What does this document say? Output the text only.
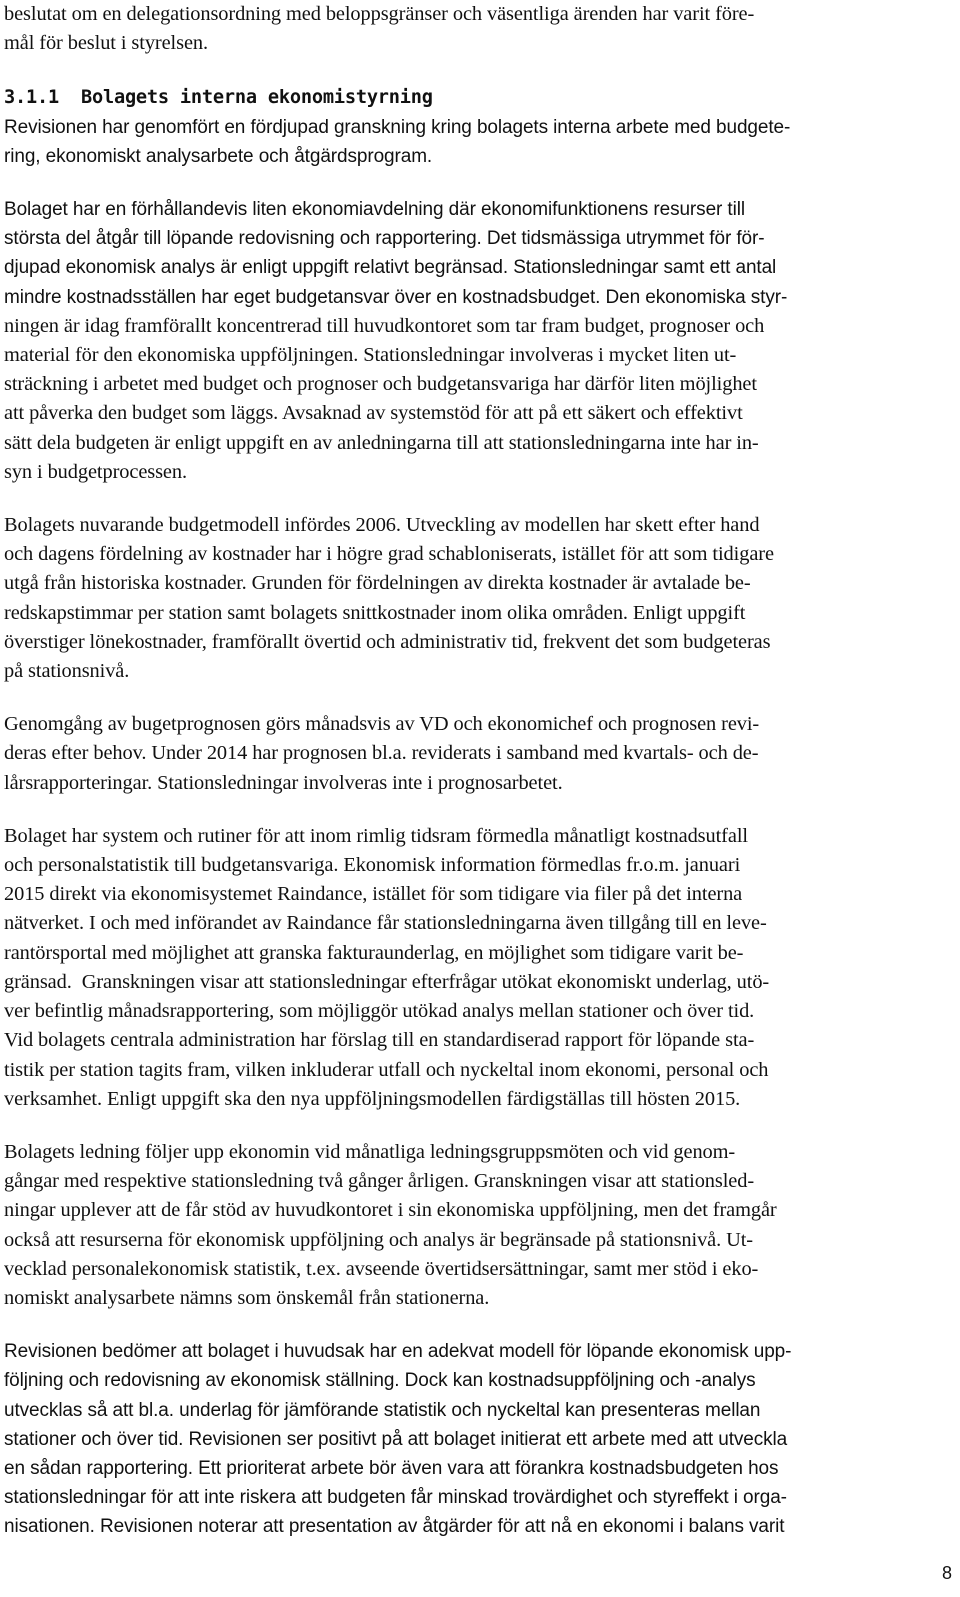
beslutat om en delegationsordning med beloppsgränser och väsentliga ärenden har varit före-
mål för beslut i styrelsen.
3.1.1  Bolagets interna ekonomistyrning
Revisionen har genomfört en fördjupad granskning kring bolagets interna arbete med budgete-
ring, ekonomiskt analysarbete och åtgärdsprogram.
Bolaget har en förhållandevis liten ekonomiavdelning där ekonomifunktionens resurser till
största del åtgår till löpande redovisning och rapportering. Det tidsmässiga utrymmet för för-
djupad ekonomisk analys är enligt uppgift relativt begränsad. Stationsledningar samt ett antal
mindre kostnadsställen har eget budgetansvar över en kostnadsbudget. Den ekonomiska styr-
ningen är idag framförallt koncentrerad till huvudkontoret som tar fram budget, prognoser och
material för den ekonomiska uppföljningen. Stationsledningar involveras i mycket liten ut-
sträckning i arbetet med budget och prognoser och budgetansvariga har därför liten möjlighet
att påverka den budget som läggs. Avsaknad av systemstöd för att på ett säkert och effektivt
sätt dela budgeten är enligt uppgift en av anledningarna till att stationsledningarna inte har in-
syn i budgetprocessen.
Bolagets nuvarande budgetmodell infördes 2006. Utveckling av modellen har skett efter hand
och dagens fördelning av kostnader har i högre grad schabloniserats, istället för att som tidigare
utgå från historiska kostnader. Grunden för fördelningen av direkta kostnader är avtalade be-
redskapstimmar per station samt bolagets snittkostnader inom olika områden. Enligt uppgift
överstiger lönekostnader, framförallt övertid och administrativ tid, frekvent det som budgeteras
på stationsnivå.
Genomgång av bugetprognosen görs månadsvis av VD och ekonomichef och prognosen revi-
deras efter behov. Under 2014 har prognosen bl.a. reviderats i samband med kvartals- och de-
lårsrapporteringar. Stationsledningar involveras inte i prognosarbetet.
Bolaget har system och rutiner för att inom rimlig tidsram förmedla månatligt kostnadsutfall
och personalstatistik till budgetansvariga. Ekonomisk information förmedlas fr.o.m. januari
2015 direkt via ekonomisystemet Raindance, istället för som tidigare via filer på det interna
nätverket. I och med införandet av Raindance får stationsledningarna även tillgång till en leve-
rantörsportal med möjlighet att granska fakturaunderlag, en möjlighet som tidigare varit be-
gränsad.  Granskningen visar att stationsledningar efterfrågar utökat ekonomiskt underlag, utö-
ver befintlig månadsrapportering, som möjliggör utökad analys mellan stationer och över tid.
Vid bolagets centrala administration har förslag till en standardiserad rapport för löpande sta-
tistik per station tagits fram, vilken inkluderar utfall och nyckeltal inom ekonomi, personal och
verksamhet. Enligt uppgift ska den nya uppföljningsmodellen färdigställas till hösten 2015.
Bolagets ledning följer upp ekonomin vid månatliga ledningsgruppsmöten och vid genom-
gångar med respektive stationsledning två gånger årligen. Granskningen visar att stationsled-
ningar upplever att de får stöd av huvudkontoret i sin ekonomiska uppföljning, men det framgår
också att resurserna för ekonomisk uppföljning och analys är begränsade på stationsnivå. Ut-
vecklad personalekonomisk statistik, t.ex. avseende övertidsersättningar, samt mer stöd i eko-
nomiskt analysarbete nämns som önskemål från stationerna.
Revisionen bedömer att bolaget i huvudsak har en adekvat modell för löpande ekonomisk upp-
följning och redovisning av ekonomisk ställning. Dock kan kostnadsuppföljning och -analys
utvecklas så att bl.a. underlag för jämförande statistik och nyckeltal kan presenteras mellan
stationer och över tid. Revisionen ser positivt på att bolaget initierat ett arbete med att utveckla
en sådan rapportering. Ett prioriterat arbete bör även vara att förankra kostnadsbudgeten hos
stationsledningar för att inte riskera att budgeten får minskad trovärdighet och styreffekt i orga-
nisationen. Revisionen noterar att presentation av åtgärder för att nå en ekonomi i balans varit
8
